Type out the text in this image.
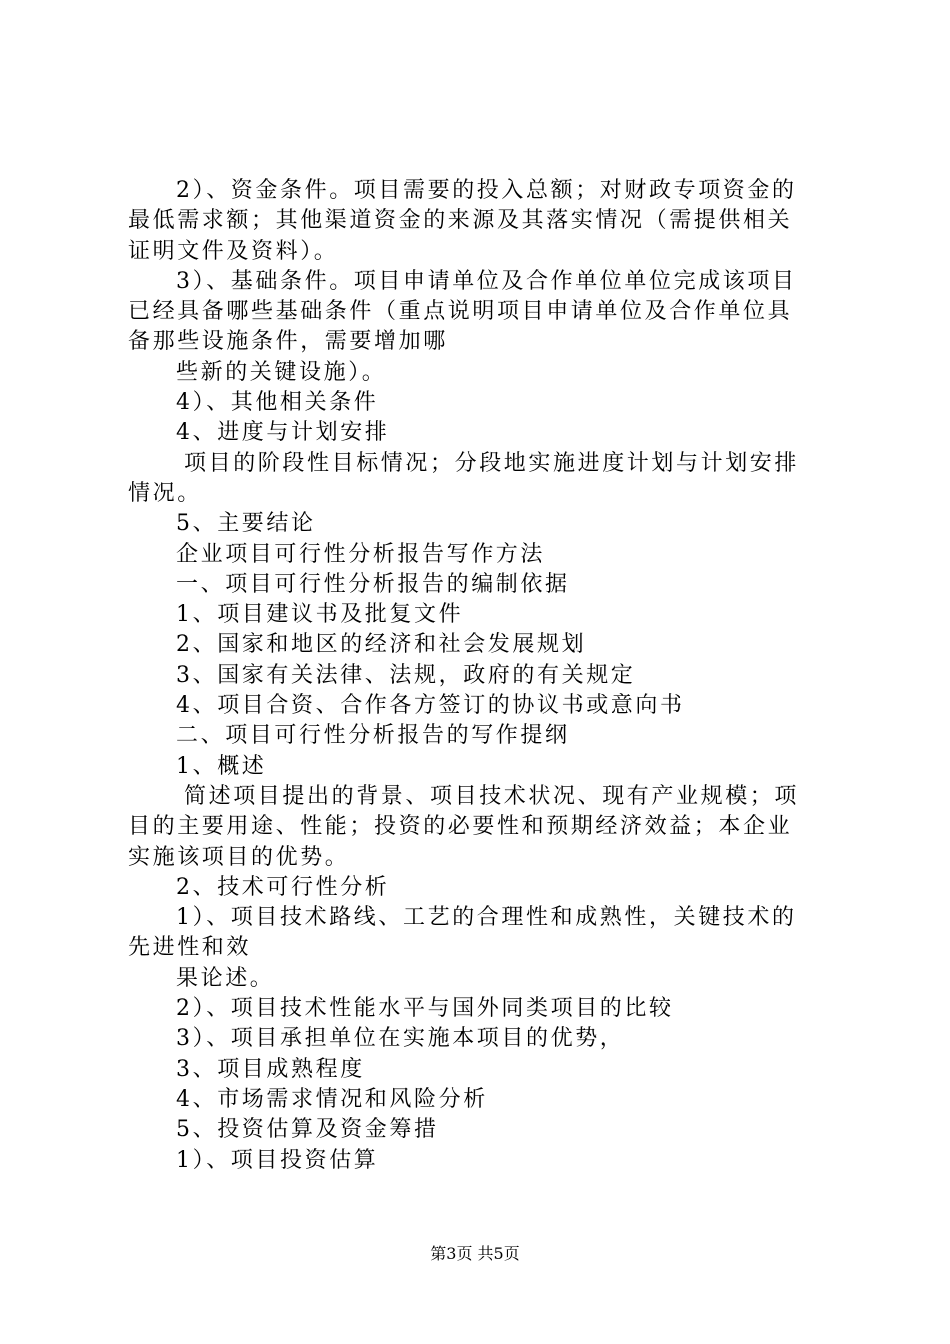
2）、资金条件。项目需要的投入总额；对财政专项资金的
最低需求额；其他渠道资金的来源及其落实情况（需提供相关
证明文件及资料）。
3）、基础条件。项目申请单位及合作单位单位完成该项目
已经具备哪些基础条件（重点说明项目申请单位及合作单位具
备那些设施条件，需要增加哪
些新的关键设施）。
4）、其他相关条件
4、进度与计划安排
项目的阶段性目标情况；分段地实施进度计划与计划安排
情况。
5、主要结论
企业项目可行性分析报告写作方法
一、项目可行性分析报告的编制依据
1、项目建议书及批复文件
2、国家和地区的经济和社会发展规划
3、国家有关法律、法规，政府的有关规定
4、项目合资、合作各方签订的协议书或意向书
二、项目可行性分析报告的写作提纲
1、概述
简述项目提出的背景、项目技术状况、现有产业规模；项
目的主要用途、性能；投资的必要性和预期经济效益；本企业
实施该项目的优势。
2、技术可行性分析
1）、项目技术路线、工艺的合理性和成熟性，关键技术的
先进性和效
果论述。
2）、项目技术性能水平与国外同类项目的比较
3）、项目承担单位在实施本项目的优势，
3、项目成熟程度
4、市场需求情况和风险分析
5、投资估算及资金筹措
1）、项目投资估算
第3页 共5页
